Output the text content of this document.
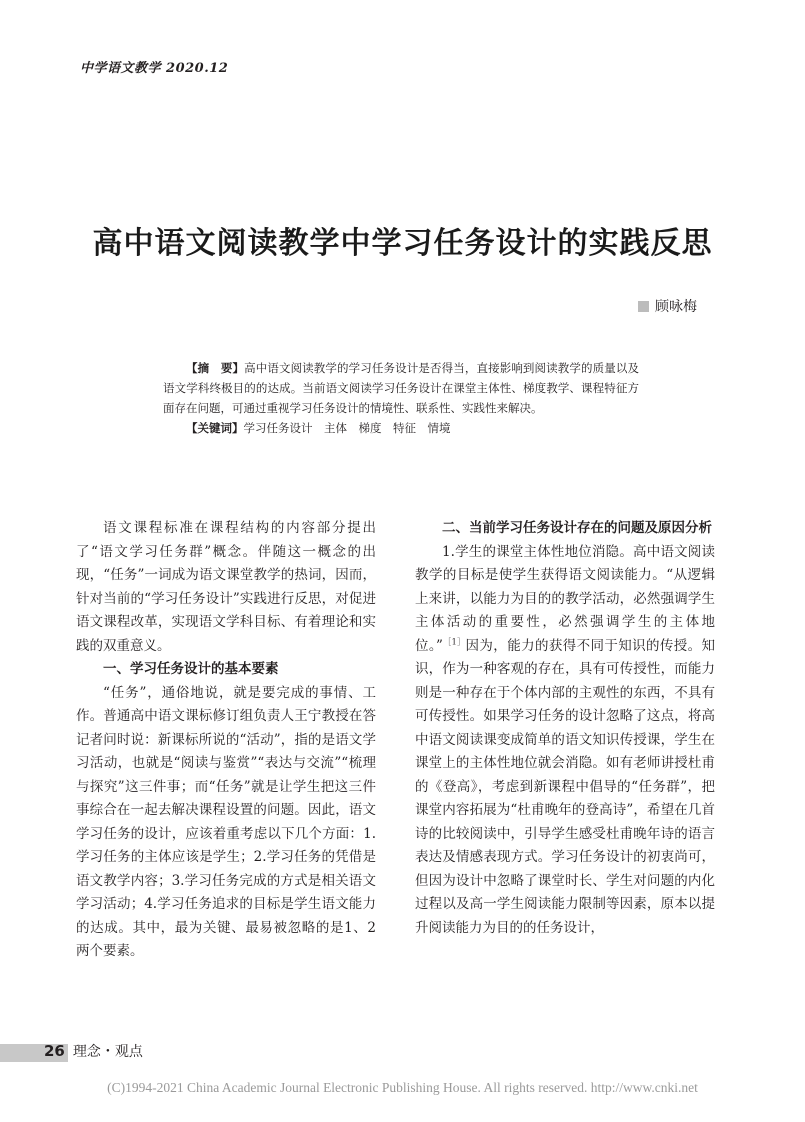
中学语文教学 2020.12
高中语文阅读教学中学习任务设计的实践反思
顾咏梅

【摘　要】高中语文阅读教学的学习任务设计是否得当，直接影响到阅读教学的质量以及语文学科终极目的的达成。当前语文阅读学习任务设计在课堂主体性、梯度教学、课程特征方面存在问题，可通过重视学习任务设计的情境性、联系性、实践性来解决。

【关键词】学习任务设计　主体　梯度　特征　情境

语文课程标准在课程结构的内容部分提出了“语文学习任务群”概念。伴随这一概念的出现，“任务”一词成为语文课堂教学的热词，因而，针对当前的“学习任务设计”实践进行反思，对促进语文课程改革，实现语文学科目标、有着理论和实践的双重意义。

一、学习任务设计的基本要素

“任务”，通俗地说，就是要完成的事情、工作。普通高中语文课标修订组负责人王宁教授在答记者问时说：新课标所说的“活动”，指的是语文学习活动，也就是“阅读与鉴赏”“表达与交流”“梳理与探究”这三件事；而“任务”就是让学生把这三件事综合在一起去解决课程设置的问题。因此，语文学习任务的设计，应该着重考虑以下几个方面：1.学习任务的主体应该是学生；2.学习任务的凭借是语文教学内容；3.学习任务完成的方式是相关语文学习活动；4.学习任务追求的目标是学生语文能力的达成。其中，最为关键、最易被忽略的是1、2两个要素。

二、当前学习任务设计存在的问题及原因分析

1.学生的课堂主体性地位消隐。高中语文阅读教学的目标是使学生获得语文阅读能力。“从逻辑上来讲，以能力为目的的教学活动，必然强调学生主体活动的重要性，必然强调学生的主体地位。”$^{[1]}$因为，能力的获得不同于知识的传授。知识，作为一种客观的存在，具有可传授性，而能力则是一种存在于个体内部的主观性的东西，不具有可传授性。如果学习任务的设计忽略了这点，将高中语文阅读课变成简单的语文知识传授课，学生在课堂上的主体性地位就会消隐。如有老师讲授杜甫的《登高》，考虑到新课程中倡导的“任务群”，把课堂内容拓展为“杜甫晚年的登高诗”，希望在几首诗的比较阅读中，引导学生感受杜甫晚年诗的语言表达及情感表现方式。学习任务设计的初衷尚可，但因为设计中忽略了课堂时长、学生对问题的内化过程以及高一学生阅读能力限制等因素，原本以提升阅读能力为目的的任务设计，

26 理念・观点
(C)1994-2021 China Academic Journal Electronic Publishing House. All rights reserved. http://www.cnki.net
